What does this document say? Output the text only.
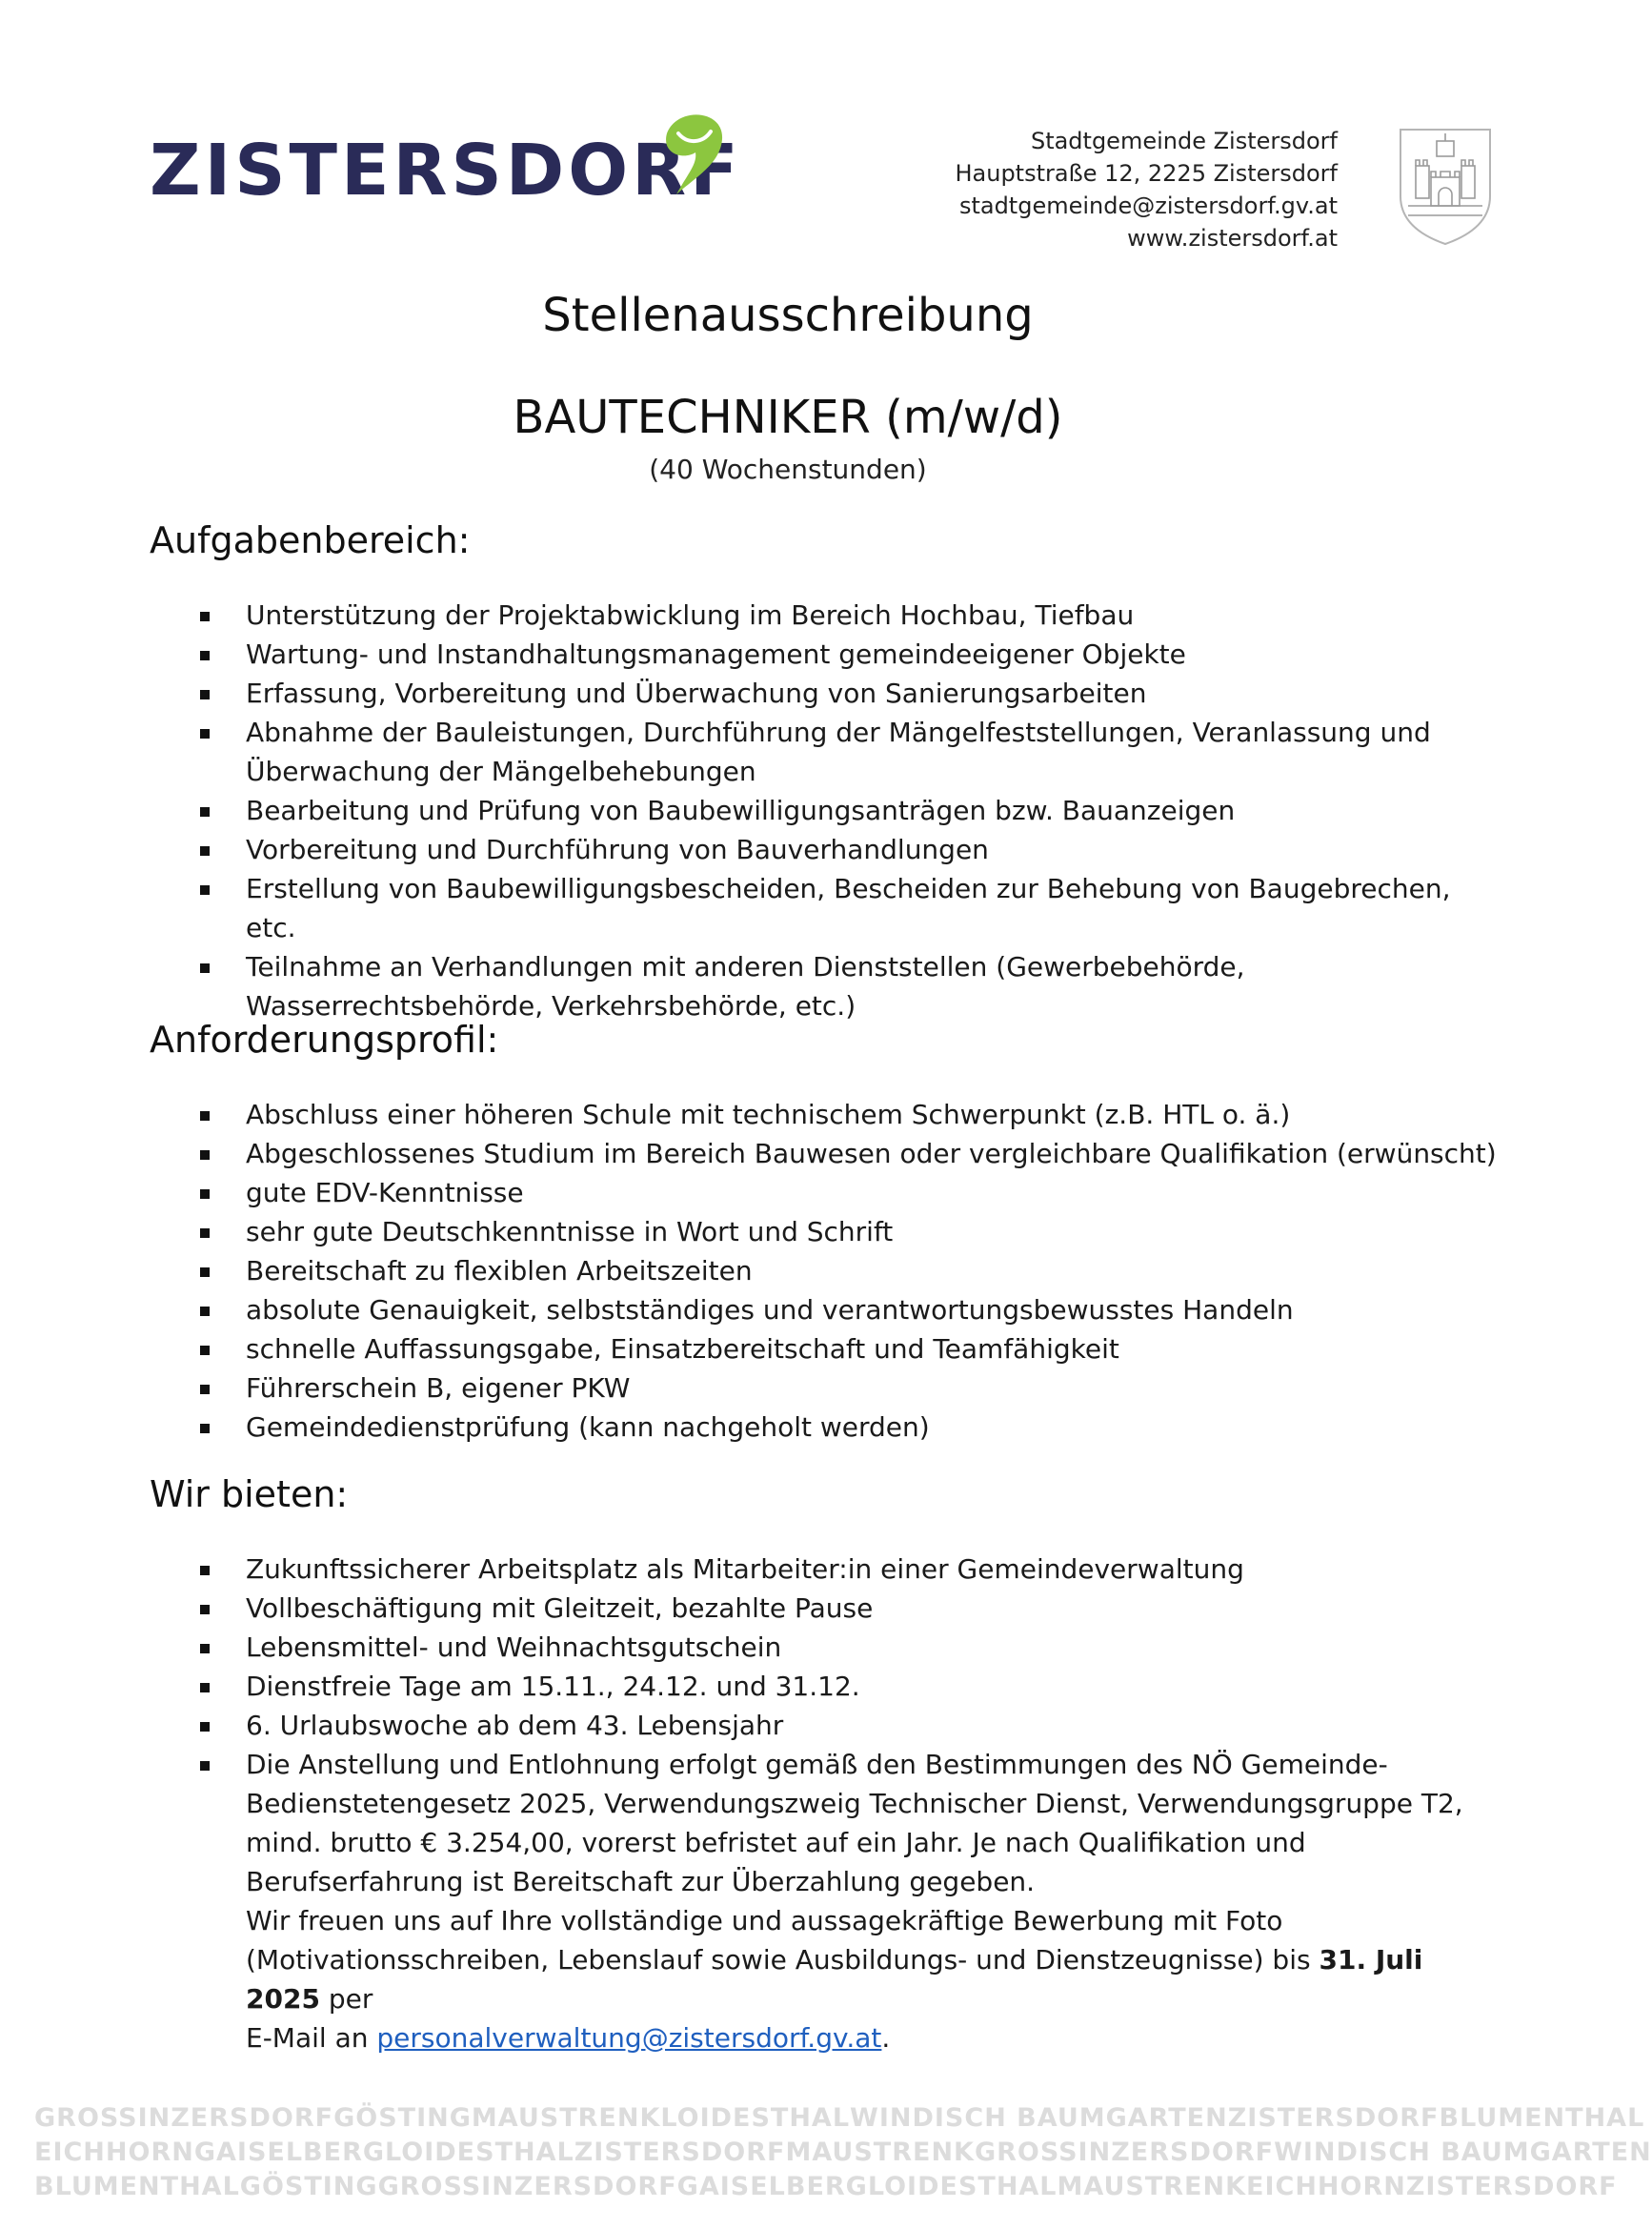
ZISTERSDORF	Stadtgemeinde Zistersdorf
Hauptstraße 12, 2225 Zistersdorf
stadtgemeinde@zistersdorf.gv.at
www.zistersdorf.at
Stellenausschreibung
BAUTECHNIKER (m/w/d)
(40 Wochenstunden)
Aufgabenbereich:
Unterstützung der Projektabwicklung im Bereich Hochbau, Tiefbau
Wartung- und Instandhaltungsmanagement gemeindeeigener Objekte
Erfassung, Vorbereitung und Überwachung von Sanierungsarbeiten
Abnahme der Bauleistungen, Durchführung der Mängelfeststellungen, Veranlassung und Überwachung der Mängelbehebungen
Bearbeitung und Prüfung von Baubewilligungsanträgen bzw. Bauanzeigen
Vorbereitung und Durchführung von Bauverhandlungen
Erstellung von Baubewilligungsbescheiden, Bescheiden zur Behebung von Baugebrechen, etc.
Teilnahme an Verhandlungen mit anderen Dienststellen (Gewerbebehörde, Wasserrechtsbehörde, Verkehrsbehörde, etc.)
Anforderungsprofil:
Abschluss einer höheren Schule mit technischem Schwerpunkt (z.B. HTL o. ä.)
Abgeschlossenes Studium im Bereich Bauwesen oder vergleichbare Qualifikation (erwünscht)
gute EDV-Kenntnisse
sehr gute Deutschkenntnisse in Wort und Schrift
Bereitschaft zu flexiblen Arbeitszeiten
absolute Genauigkeit, selbstständiges und verantwortungsbewusstes Handeln
schnelle Auffassungsgabe, Einsatzbereitschaft und Teamfähigkeit
Führerschein B, eigener PKW
Gemeindedienstprüfung (kann nachgeholt werden)
Wir bieten:
Zukunftssicherer Arbeitsplatz als Mitarbeiter:in einer Gemeindeverwaltung
Vollbeschäftigung mit Gleitzeit, bezahlte Pause
Lebensmittel- und Weihnachtsgutschein
Dienstfreie Tage am 15.11., 24.12. und 31.12.
6. Urlaubswoche ab dem 43. Lebensjahr
Die Anstellung und Entlohnung erfolgt gemäß den Bestimmungen des NÖ Gemeinde-Bedienstetengesetz 2025, Verwendungszweig Technischer Dienst, Verwendungsgruppe T2, mind. brutto € 3.254,00, vorerst befristet auf ein Jahr. Je nach Qualifikation und Berufserfahrung ist Bereitschaft zur Überzahlung gegeben.
Wir freuen uns auf Ihre vollständige und aussagekräftige Bewerbung mit Foto (Motivationsschreiben, Lebenslauf sowie Ausbildungs- und Dienstzeugnisse) bis 31. Juli 2025 per
E-Mail an personalverwaltung@zistersdorf.gv.at.
GROSSINZERSDORF GÖSTING MAUSTRENK LOIDESTHAL WINDISCH BAUMGARTEN ZISTERSDORF BLUMENTHAL
EICHHORN GAISELBERG LOIDESTHAL ZISTERSDORF MAUSTRENK GROSSINZERSDORF WINDISCH BAUMGARTEN
BLUMENTHAL GÖSTING GROSSINZERSDORF GAISELBERG LOIDESTHAL MAUSTRENK EICHHORN ZISTERSDORF
